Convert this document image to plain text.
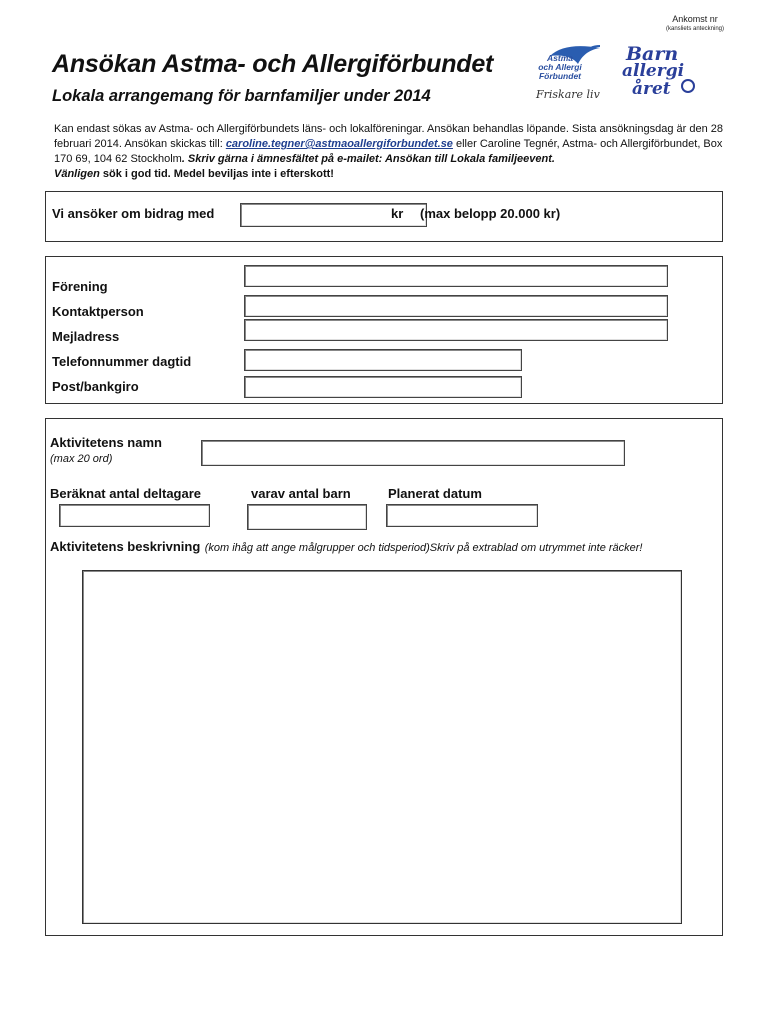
Ankomst nr
(kansliets anteckning)
Ansökan Astma- och Allergiförbundet
Lokala arrangemang för barnfamiljer under 2014
Astma
och Allergi
Förbundet
Friskare liv
Barn
allergi
året
Kan endast sökas av Astma- och Allergiförbundets läns- och lokalföreningar. Ansökan behandlas löpande. Sista ansökningsdag är den 28 februari 2014. Ansökan skickas till: caroline.tegner@astmaoallergiforbundet.se eller Caroline Tegnér, Astma- och Allergiförbundet, Box 170 69, 104 62 Stockholm. Skriv gärna i ämnesfältet på e-mailet: Ansökan till Lokala familjeevent.
Vänligen sök i god tid. Medel beviljas inte i efterskott!
Vi ansöker om bidrag med	kr (max belopp 20.000 kr)
Förening
Kontaktperson
Mejladress
Telefonnummer dagtid
Post/bankgiro
Aktivitetens namn
(max 20 ord)
Beräknat antal deltagare	varav antal barn	Planerat datum
Aktivitetens beskrivning (kom ihåg att ange målgrupper och tidsperiod)Skriv på extrablad om utrymmet inte räcker!
